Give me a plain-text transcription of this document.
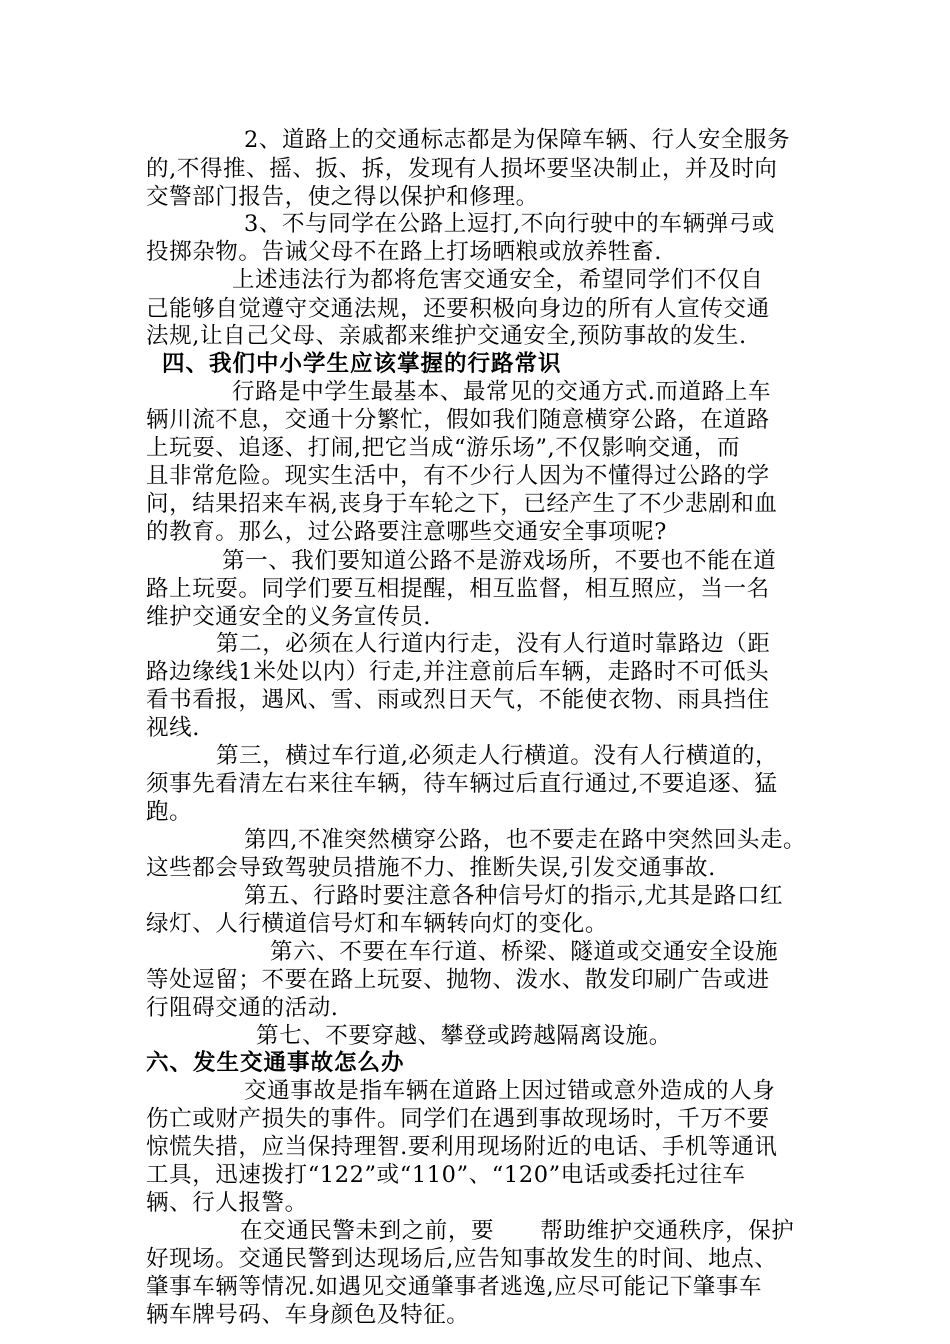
2、道路上的交通标志都是为保障车辆、行人安全服务
的,不得推、摇、扳、拆，发现有人损坏要坚决制止，并及时向
交警部门报告，使之得以保护和修理。
3、不与同学在公路上逗打,不向行驶中的车辆弹弓或
投掷杂物。告诫父母不在路上打场晒粮或放养牲畜.
上述违法行为都将危害交通安全，希望同学们不仅自
己能够自觉遵守交通法规，还要积极向身边的所有人宣传交通
法规,让自己父母、亲戚都来维护交通安全,预防事故的发生.
四、我们中小学生应该掌握的行路常识
行路是中学生最基本、最常见的交通方式.而道路上车
辆川流不息，交通十分繁忙，假如我们随意横穿公路，在道路
上玩耍、追逐、打闹,把它当成“游乐场”,不仅影响交通，而
且非常危险。现实生活中，有不少行人因为不懂得过公路的学
问，结果招来车祸,丧身于车轮之下，已经产生了不少悲剧和血
的教育。那么，过公路要注意哪些交通安全事项呢?
第一、我们要知道公路不是游戏场所，不要也不能在道
路上玩耍。同学们要互相提醒，相互监督，相互照应，当一名
维护交通安全的义务宣传员.
第二，必须在人行道内行走，没有人行道时靠路边（距
路边缘线1米处以内）行走,并注意前后车辆，走路时不可低头
看书看报，遇风、雪、雨或烈日天气，不能使衣物、雨具挡住
视线.
第三，横过车行道,必须走人行横道。没有人行横道的，
须事先看清左右来往车辆，待车辆过后直行通过,不要追逐、猛
跑。
第四,不准突然横穿公路，也不要走在路中突然回头走。
这些都会导致驾驶员措施不力、推断失误,引发交通事故.
第五、行路时要注意各种信号灯的指示,尤其是路口红
绿灯、人行横道信号灯和车辆转向灯的变化。
第六、不要在车行道、桥梁、隧道或交通安全设施
等处逗留；不要在路上玩耍、抛物、泼水、散发印刷广告或进
行阻碍交通的活动.
第七、不要穿越、攀登或跨越隔离设施。
六、发生交通事故怎么办
交通事故是指车辆在道路上因过错或意外造成的人身
伤亡或财产损失的事件。同学们在遇到事故现场时，千万不要
惊慌失措，应当保持理智.要利用现场附近的电话、手机等通讯
工具，迅速拨打“122”或“110”、“120”电话或委托过往车
辆、行人报警。
在交通民警未到之前，要　　帮助维护交通秩序，保护
好现场。交通民警到达现场后,应告知事故发生的时间、地点、
肇事车辆等情况.如遇见交通肇事者逃逸,应尽可能记下肇事车
辆车牌号码、车身颜色及特征。
